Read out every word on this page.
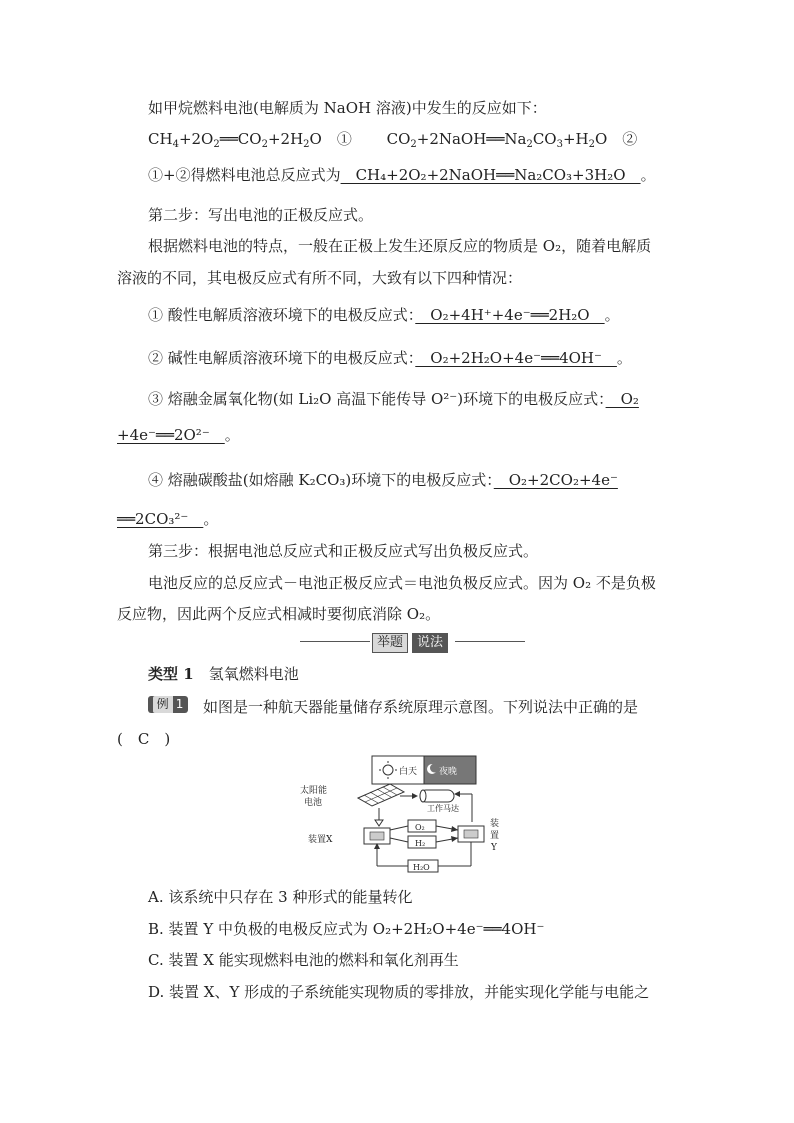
如甲烷燃料电池(电解质为 NaOH 溶液)中发生的反应如下：
$CH_4+2O_2══CO_2+2H_2O$　①　　 $CO_2+2NaOH══Na_2CO_3+H_2O$　②
①+②得燃料电池总反应式为　CH₄+2O₂+2NaOH══Na₂CO₃+3H₂O　。
第二步：写出电池的正极反应式。
根据燃料电池的特点，一般在正极上发生还原反应的物质是 O₂，随着电解质
溶液的不同，其电极反应式有所不同，大致有以下四种情况：
① 酸性电解质溶液环境下的电极反应式：　O₂+4H⁺+4e⁻══2H₂O　。
② 碱性电解质溶液环境下的电极反应式：　O₂+2H₂O+4e⁻══4OH⁻　。
③ 熔融金属氧化物(如 Li₂O 高温下能传导 O²⁻)环境下的电极反应式：　O₂
+4e⁻══2O²⁻　。
④ 熔融碳酸盐(如熔融 K₂CO₃)环境下的电极反应式：　O₂+2CO₂+4e⁻
══2CO₃²⁻　。
第三步：根据电池总反应式和正极反应式写出负极反应式。
电池反应的总反应式－电池正极反应式＝电池负极反应式。因为 O₂ 不是负极
反应物，因此两个反应式相减时要彻底消除 O₂。
举题	说法
类型 1　 氢氧燃料电池
例 1	如图是一种航天器能量储存系统原理示意图。下列说法中正确的是
(　C　)
白天 夜晚
太阳能
电池
工作马达
装置X
装
置
Y
O₂
H₂
H₂O
A. 该系统中只存在 3 种形式的能量转化
B. 装置 Y 中负极的电极反应式为 O₂+2H₂O+4e⁻══4OH⁻
C. 装置 X 能实现燃料电池的燃料和氧化剂再生
D. 装置 X、Y 形成的子系统能实现物质的零排放，并能实现化学能与电能之
